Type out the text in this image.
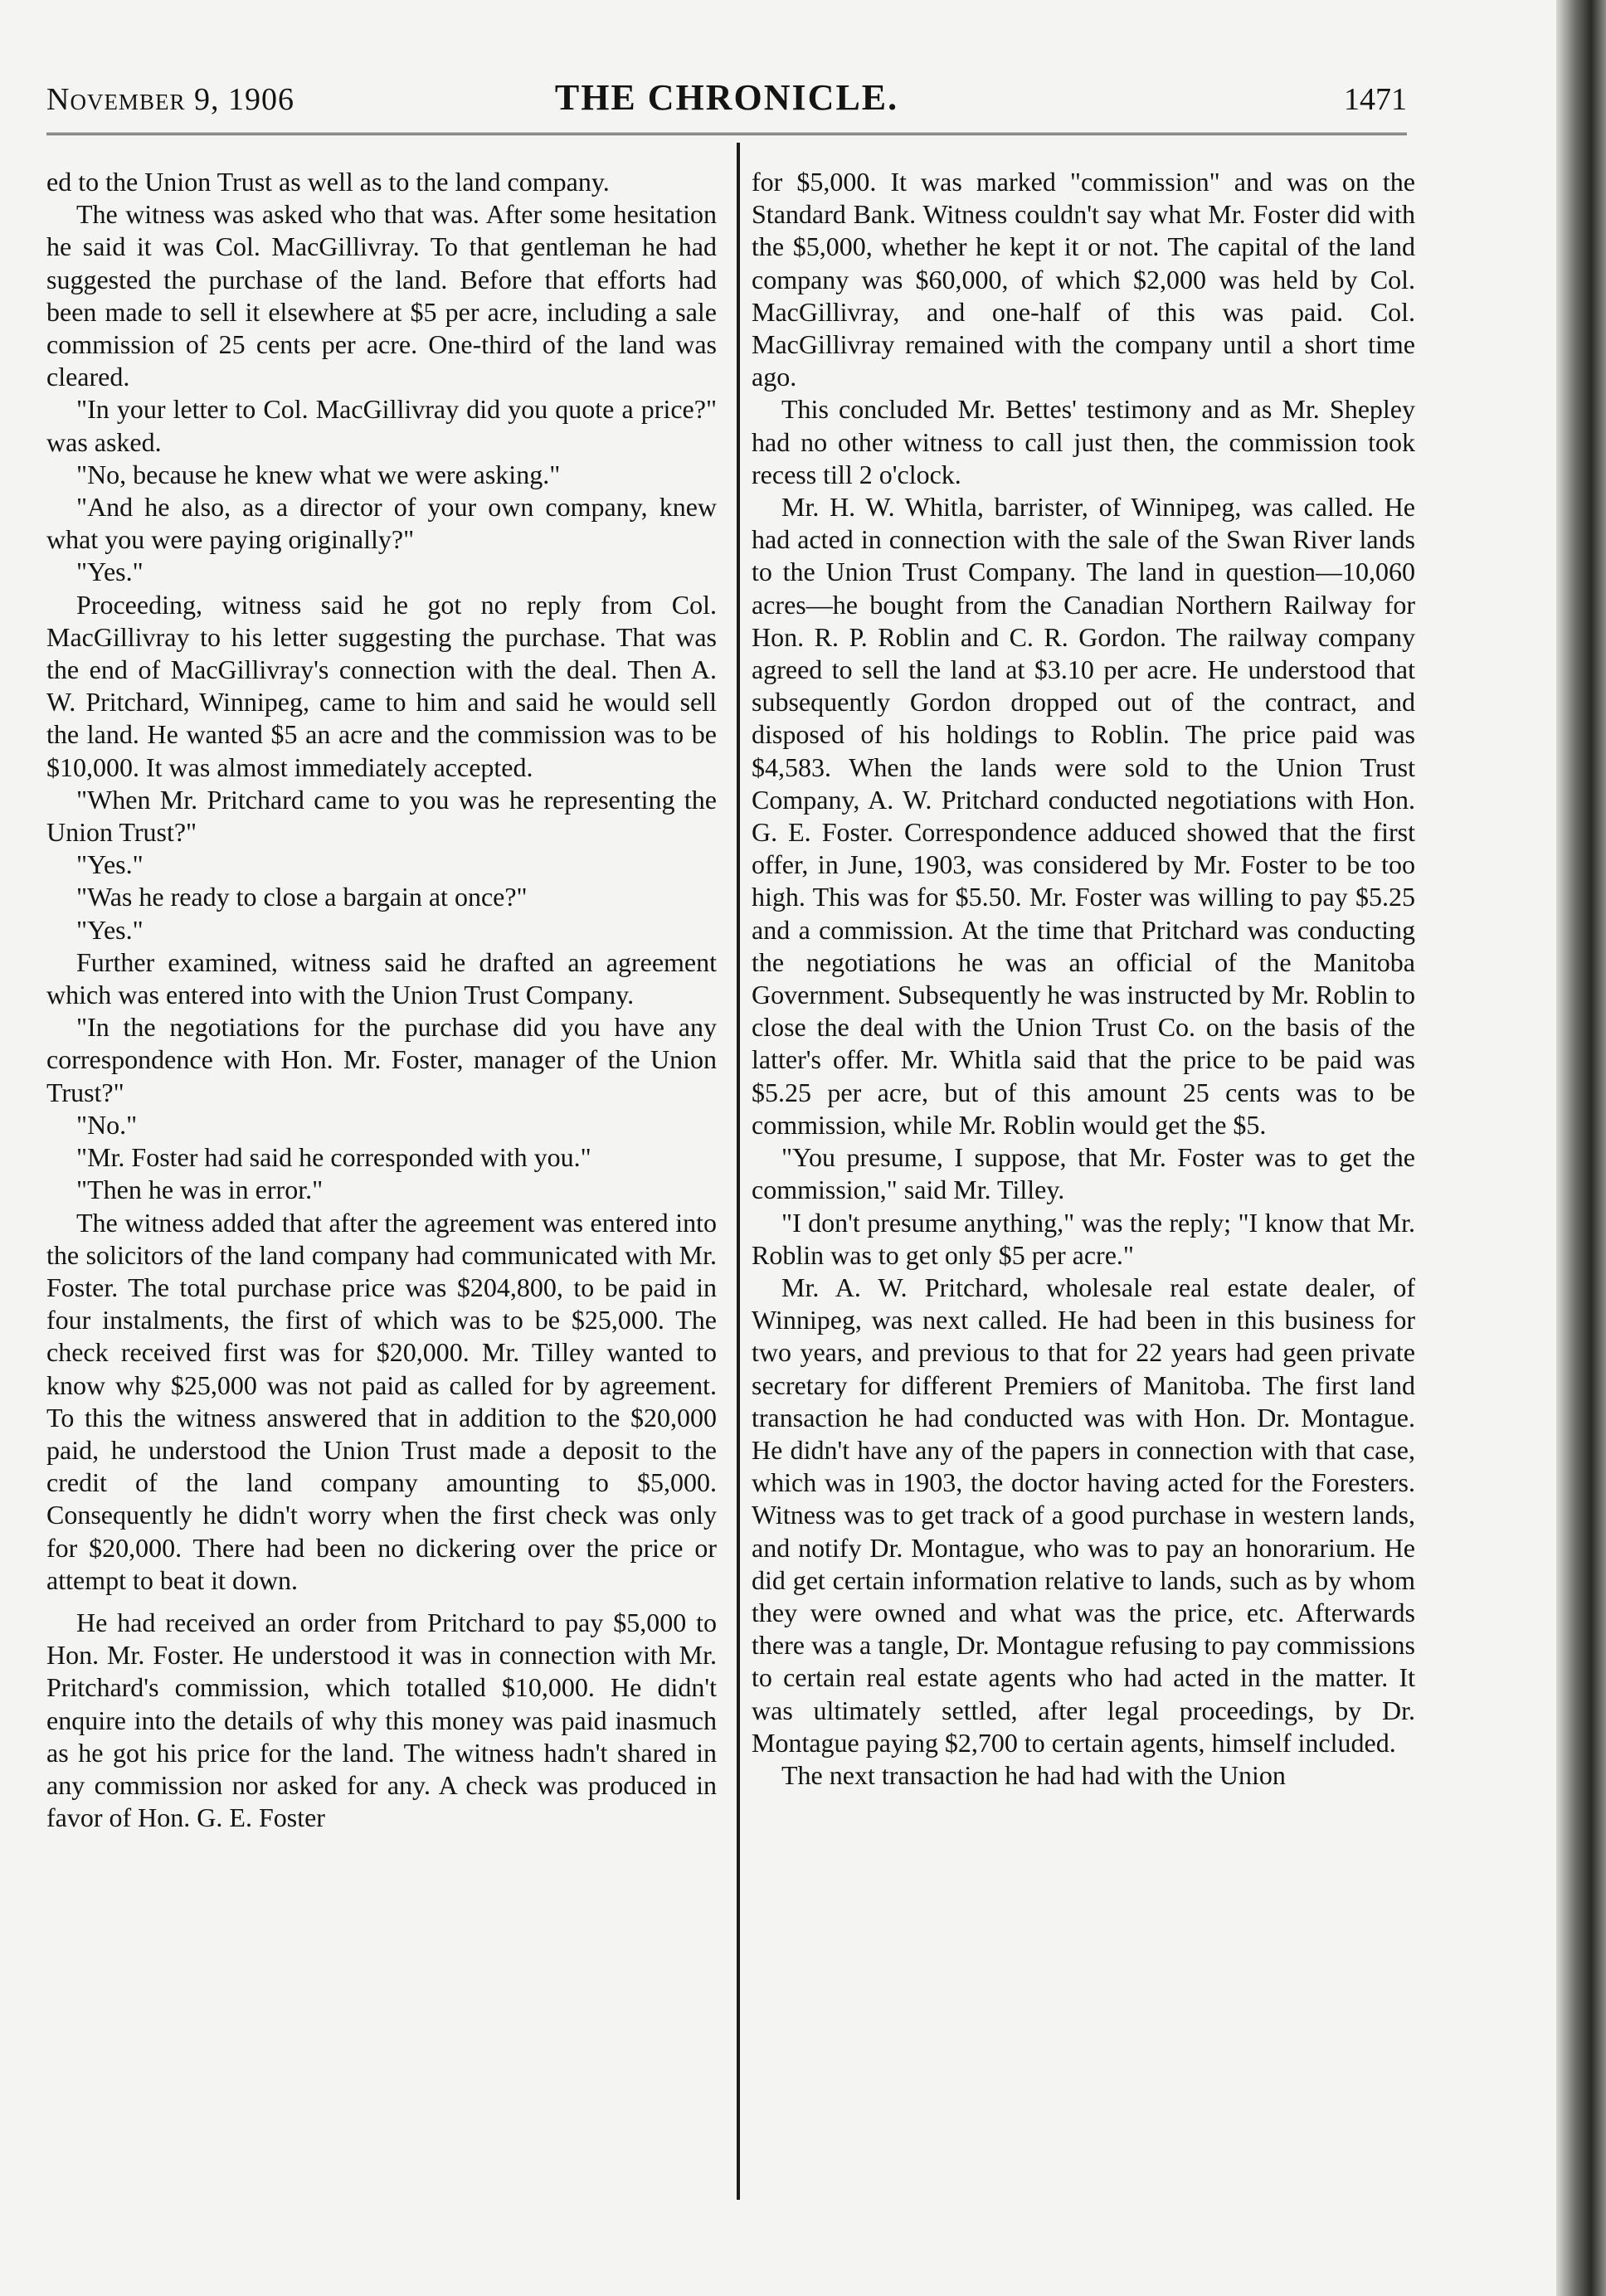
November 9, 1906	THE CHRONICLE.	1471

ed to the Union Trust as well as to the land company.

The witness was asked who that was. After some hesitation he said it was Col. MacGillivray. To that gentleman he had suggested the purchase of the land. Before that efforts had been made to sell it elsewhere at $5 per acre, including a sale commission of 25 cents per acre. One-third of the land was cleared.

"In your letter to Col. MacGillivray did you quote a price?" was asked.

"No, because he knew what we were asking."

"And he also, as a director of your own company, knew what you were paying originally?"

"Yes."

Proceeding, witness said he got no reply from Col. MacGillivray to his letter suggesting the purchase. That was the end of MacGillivray's connection with the deal. Then A. W. Pritchard, Winnipeg, came to him and said he would sell the land. He wanted $5 an acre and the commission was to be $10,000. It was almost immediately accepted.

"When Mr. Pritchard came to you was he representing the Union Trust?"

"Yes."

"Was he ready to close a bargain at once?"

"Yes."

Further examined, witness said he drafted an agreement which was entered into with the Union Trust Company.

"In the negotiations for the purchase did you have any correspondence with Hon. Mr. Foster, manager of the Union Trust?"

"No."

"Mr. Foster had said he corresponded with you."

"Then he was in error."

The witness added that after the agreement was entered into the solicitors of the land company had communicated with Mr. Foster. The total purchase price was $204,800, to be paid in four instalments, the first of which was to be $25,000. The check received first was for $20,000. Mr. Tilley wanted to know why $25,000 was not paid as called for by agreement. To this the witness answered that in addition to the $20,000 paid, he understood the Union Trust made a deposit to the credit of the land company amounting to $5,000. Consequently he didn't worry when the first check was only for $20,000. There had been no dickering over the price or attempt to beat it down.

He had received an order from Pritchard to pay $5,000 to Hon. Mr. Foster. He understood it was in connection with Mr. Pritchard's commission, which totalled $10,000. He didn't enquire into the details of why this money was paid inasmuch as he got his price for the land. The witness hadn't shared in any commission nor asked for any. A check was produced in favor of Hon. G. E. Foster

for $5,000. It was marked "commission" and was on the Standard Bank. Witness couldn't say what Mr. Foster did with the $5,000, whether he kept it or not. The capital of the land company was $60,000, of which $2,000 was held by Col. MacGillivray, and one-half of this was paid. Col. MacGillivray remained with the company until a short time ago.

This concluded Mr. Bettes' testimony and as Mr. Shepley had no other witness to call just then, the commission took recess till 2 o'clock.

Mr. H. W. Whitla, barrister, of Winnipeg, was called. He had acted in connection with the sale of the Swan River lands to the Union Trust Company. The land in question—10,060 acres—he bought from the Canadian Northern Railway for Hon. R. P. Roblin and C. R. Gordon. The railway company agreed to sell the land at $3.10 per acre. He understood that subsequently Gordon dropped out of the contract, and disposed of his holdings to Roblin. The price paid was $4,583. When the lands were sold to the Union Trust Company, A. W. Pritchard conducted negotiations with Hon. G. E. Foster. Correspondence adduced showed that the first offer, in June, 1903, was considered by Mr. Foster to be too high. This was for $5.50. Mr. Foster was willing to pay $5.25 and a commission. At the time that Pritchard was conducting the negotiations he was an official of the Manitoba Government. Subsequently he was instructed by Mr. Roblin to close the deal with the Union Trust Co. on the basis of the latter's offer. Mr. Whitla said that the price to be paid was $5.25 per acre, but of this amount 25 cents was to be commission, while Mr. Roblin would get the $5.

"You presume, I suppose, that Mr. Foster was to get the commission," said Mr. Tilley.

"I don't presume anything," was the reply; "I know that Mr. Roblin was to get only $5 per acre."

Mr. A. W. Pritchard, wholesale real estate dealer, of Winnipeg, was next called. He had been in this business for two years, and previous to that for 22 years had geen private secretary for different Premiers of Manitoba. The first land transaction he had conducted was with Hon. Dr. Montague. He didn't have any of the papers in connection with that case, which was in 1903, the doctor having acted for the Foresters. Witness was to get track of a good purchase in western lands, and notify Dr. Montague, who was to pay an honorarium. He did get certain information relative to lands, such as by whom they were owned and what was the price, etc. Afterwards there was a tangle, Dr. Montague refusing to pay commissions to certain real estate agents who had acted in the matter. It was ultimately settled, after legal proceedings, by Dr. Montague paying $2,700 to certain agents, himself included.

The next transaction he had had with the Union
